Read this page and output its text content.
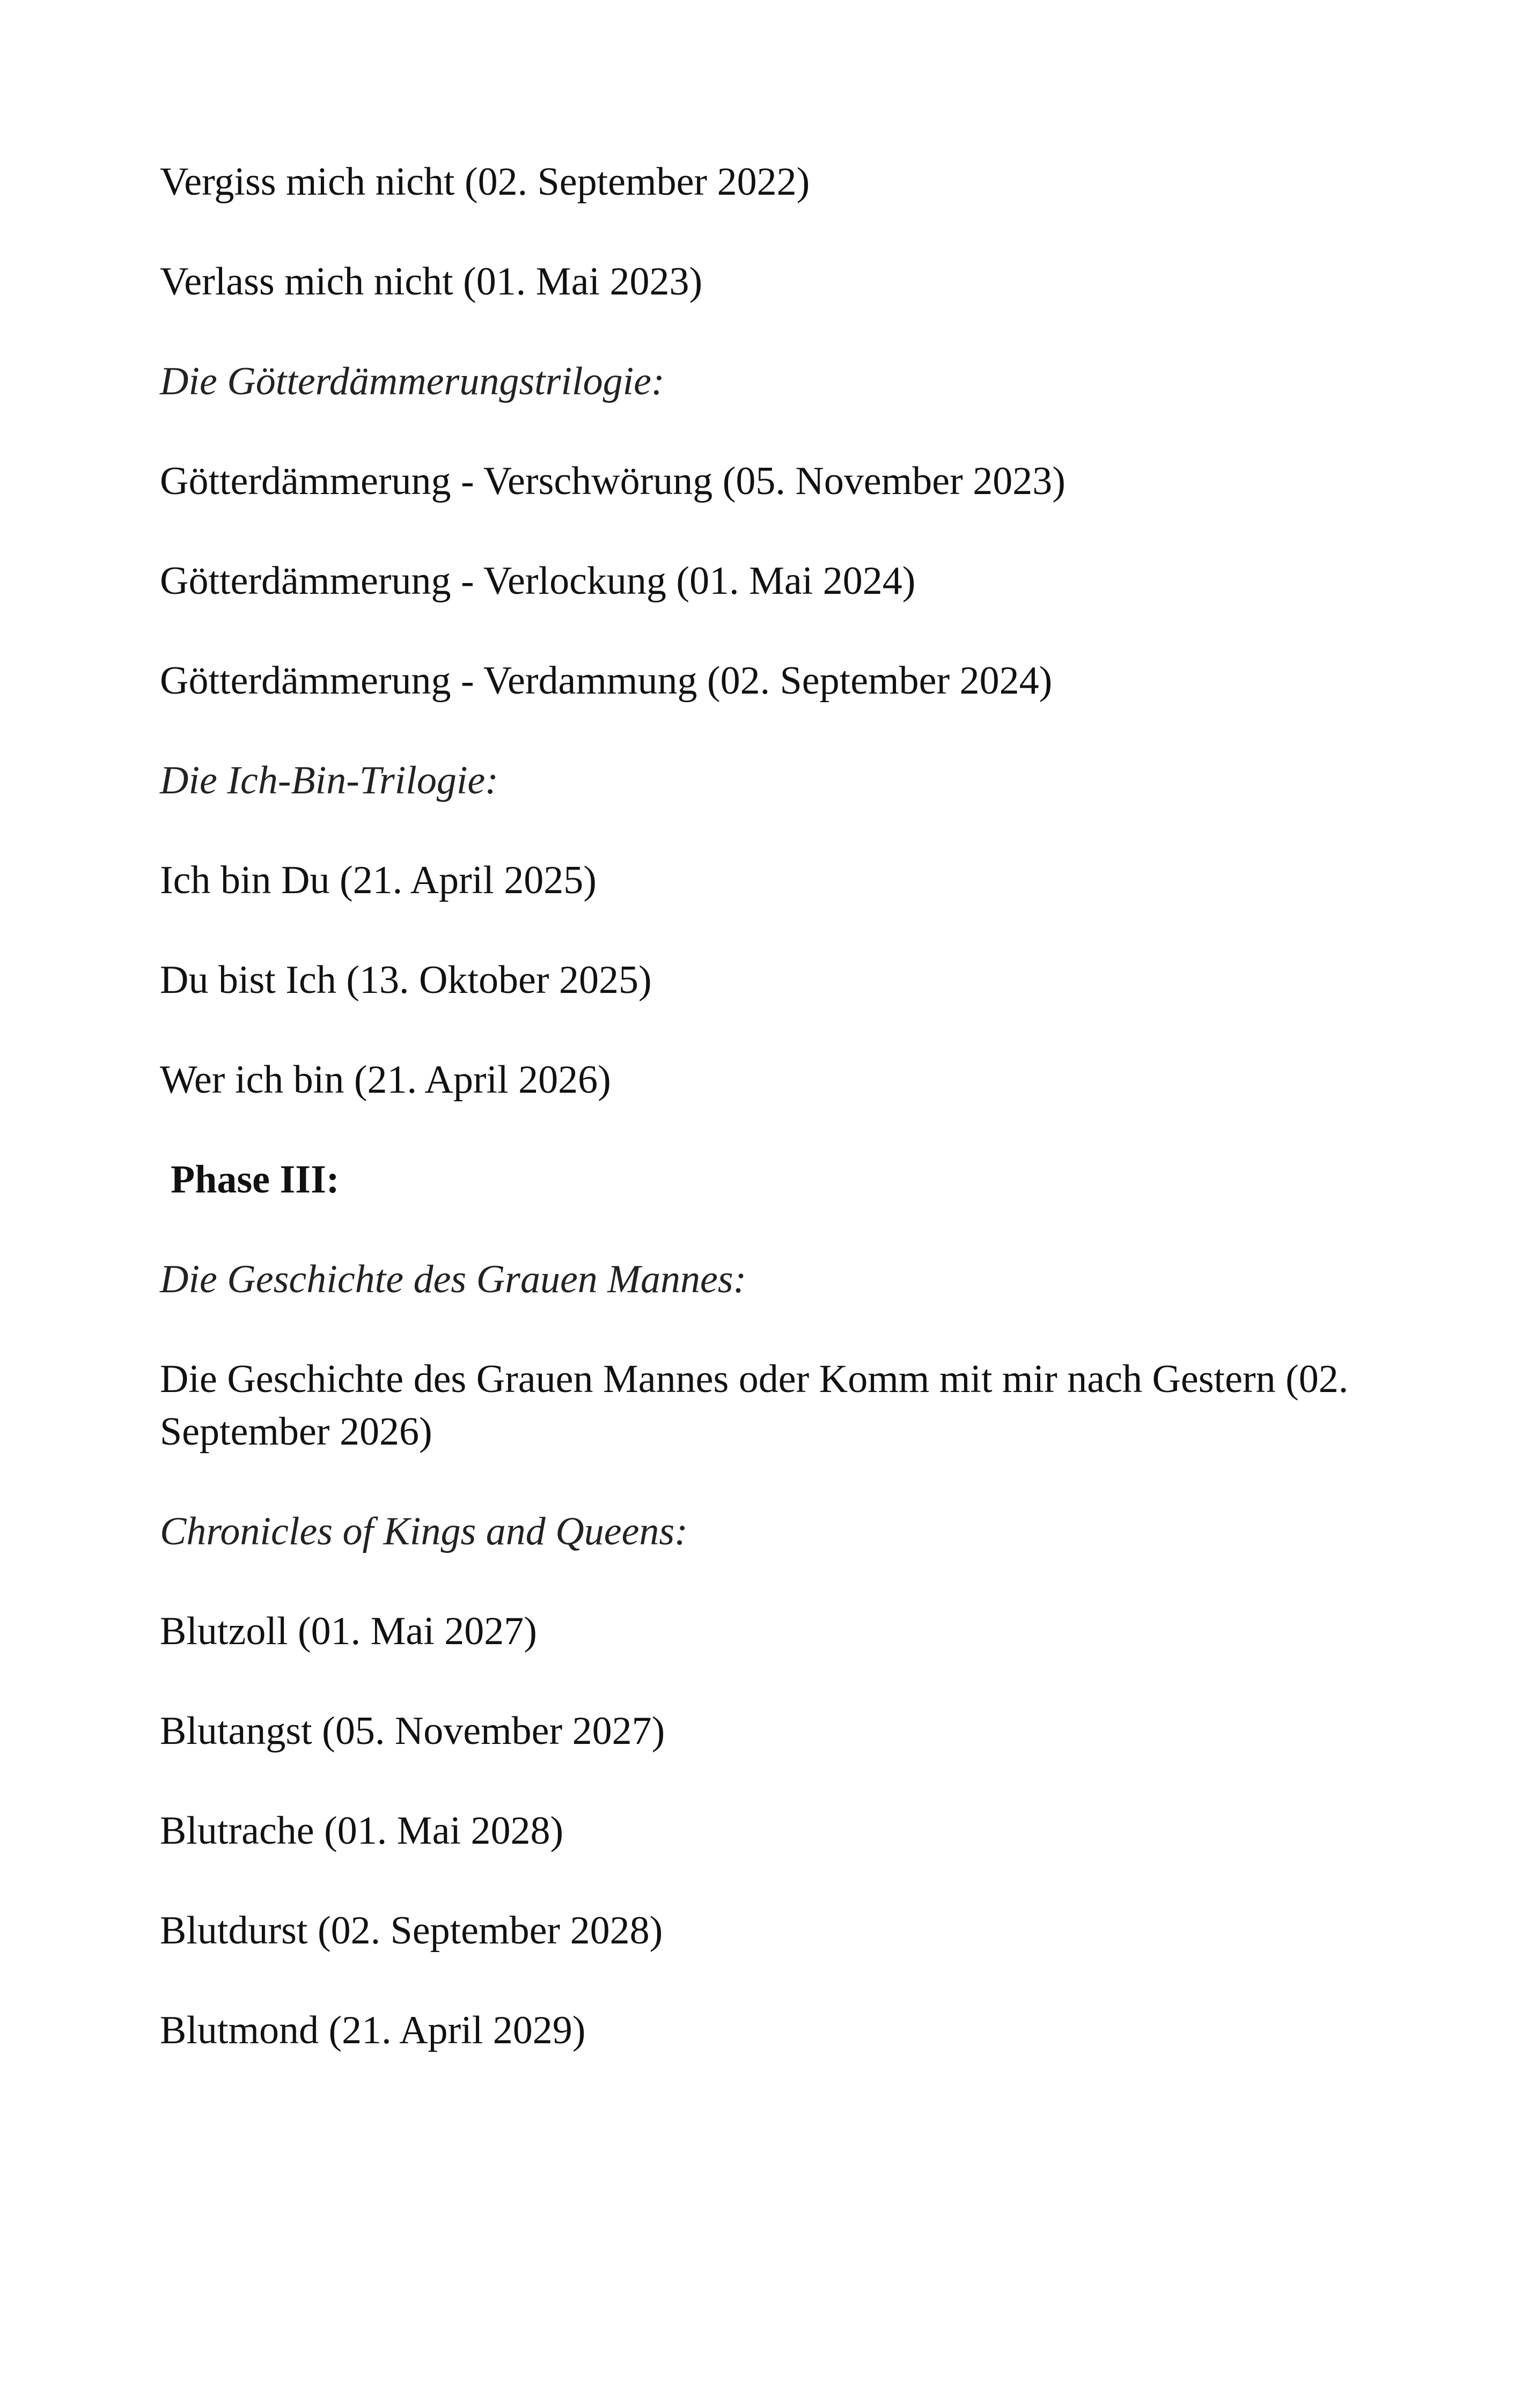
Vergiss mich nicht (02. September 2022)

Verlass mich nicht (01. Mai 2023)

Die Götterdämmerungstrilogie:

Götterdämmerung - Verschwörung (05. November 2023)

Götterdämmerung - Verlockung (01. Mai 2024)

Götterdämmerung - Verdammung (02. September 2024)

Die Ich-Bin-Trilogie:

Ich bin Du (21. April 2025)

Du bist Ich (13. Oktober 2025)

Wer ich bin (21. April 2026)

Phase III:

Die Geschichte des Grauen Mannes:

Die Geschichte des Grauen Mannes oder Komm mit mir nach Gestern (02. September 2026)

Chronicles of Kings and Queens:

Blutzoll (01. Mai 2027)

Blutangst (05. November 2027)

Blutrache (01. Mai 2028)

Blutdurst (02. September 2028)

Blutmond (21. April 2029)
